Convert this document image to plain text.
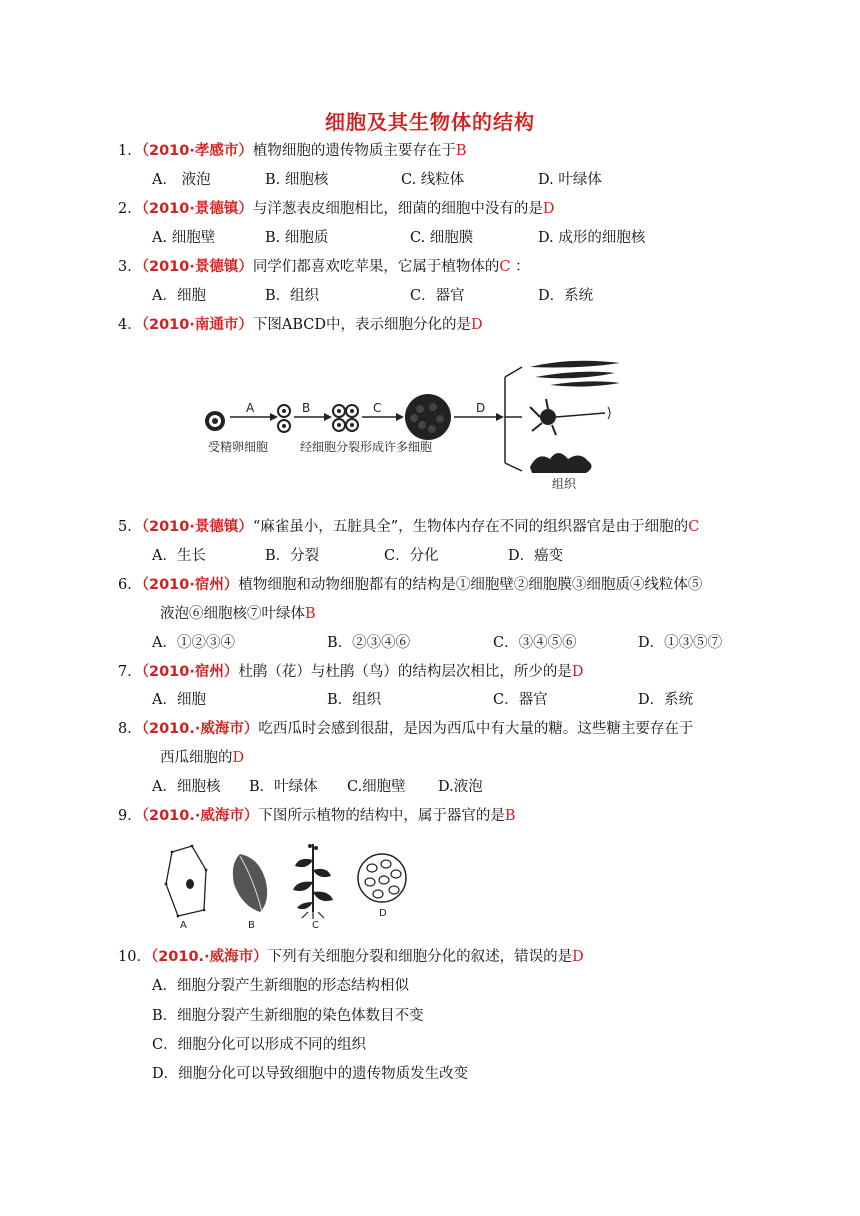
细胞及其生物体的结构
1．（2010·孝感市）植物细胞的遗传物质主要存在于B
A． 液泡	B. 细胞核	C. 线粒体	D. 叶绿体
2．（2010·景德镇）与洋葱表皮细胞相比，细菌的细胞中没有的是D
A. 细胞壁	B. 细胞质	C. 细胞膜	D. 成形的细胞核
3．（2010·景德镇）同学们都喜欢吃苹果，它属于植物体的C ：
A．细胞	B．组织	C．器官	D．系统
4．（2010·南通市）下图ABCD中，表示细胞分化的是D
A	B	C	D
受精卵细胞	经细胞分裂形成许多细胞
组织
5．（2010·景德镇）“麻雀虽小，五脏具全”，生物体内存在不同的组织器官是由于细胞的C
A．生长	B．分裂	C．分化	D．癌变
6．（2010·宿州）植物细胞和动物细胞都有的结构是①细胞壁②细胞膜③细胞质④线粒体⑤
液泡⑥细胞核⑦叶绿体B
A．①②③④	B．②③④⑥	C．③④⑤⑥	D．①③⑤⑦
7．（2010·宿州）杜鹃（花）与杜鹃（鸟）的结构层次相比，所少的是D
A．细胞	B．组织	C．器官	D．系统
8．（2010.·威海市）吃西瓜时会感到很甜，是因为西瓜中有大量的糖。这些糖主要存在于
西瓜细胞的D
A．细胞核 B．叶绿体 C.细胞壁 D.液泡
9．（2010.·威海市）下图所示植物的结构中，属于器官的是B
A	B	C
D
10．（2010.·威海市）下列有关细胞分裂和细胞分化的叙述，错误的是D
A．细胞分裂产生新细胞的形态结构相似
B．细胞分裂产生新细胞的染色体数目不变
C．细胞分化可以形成不同的组织
D．细胞分化可以导致细胞中的遗传物质发生改变
